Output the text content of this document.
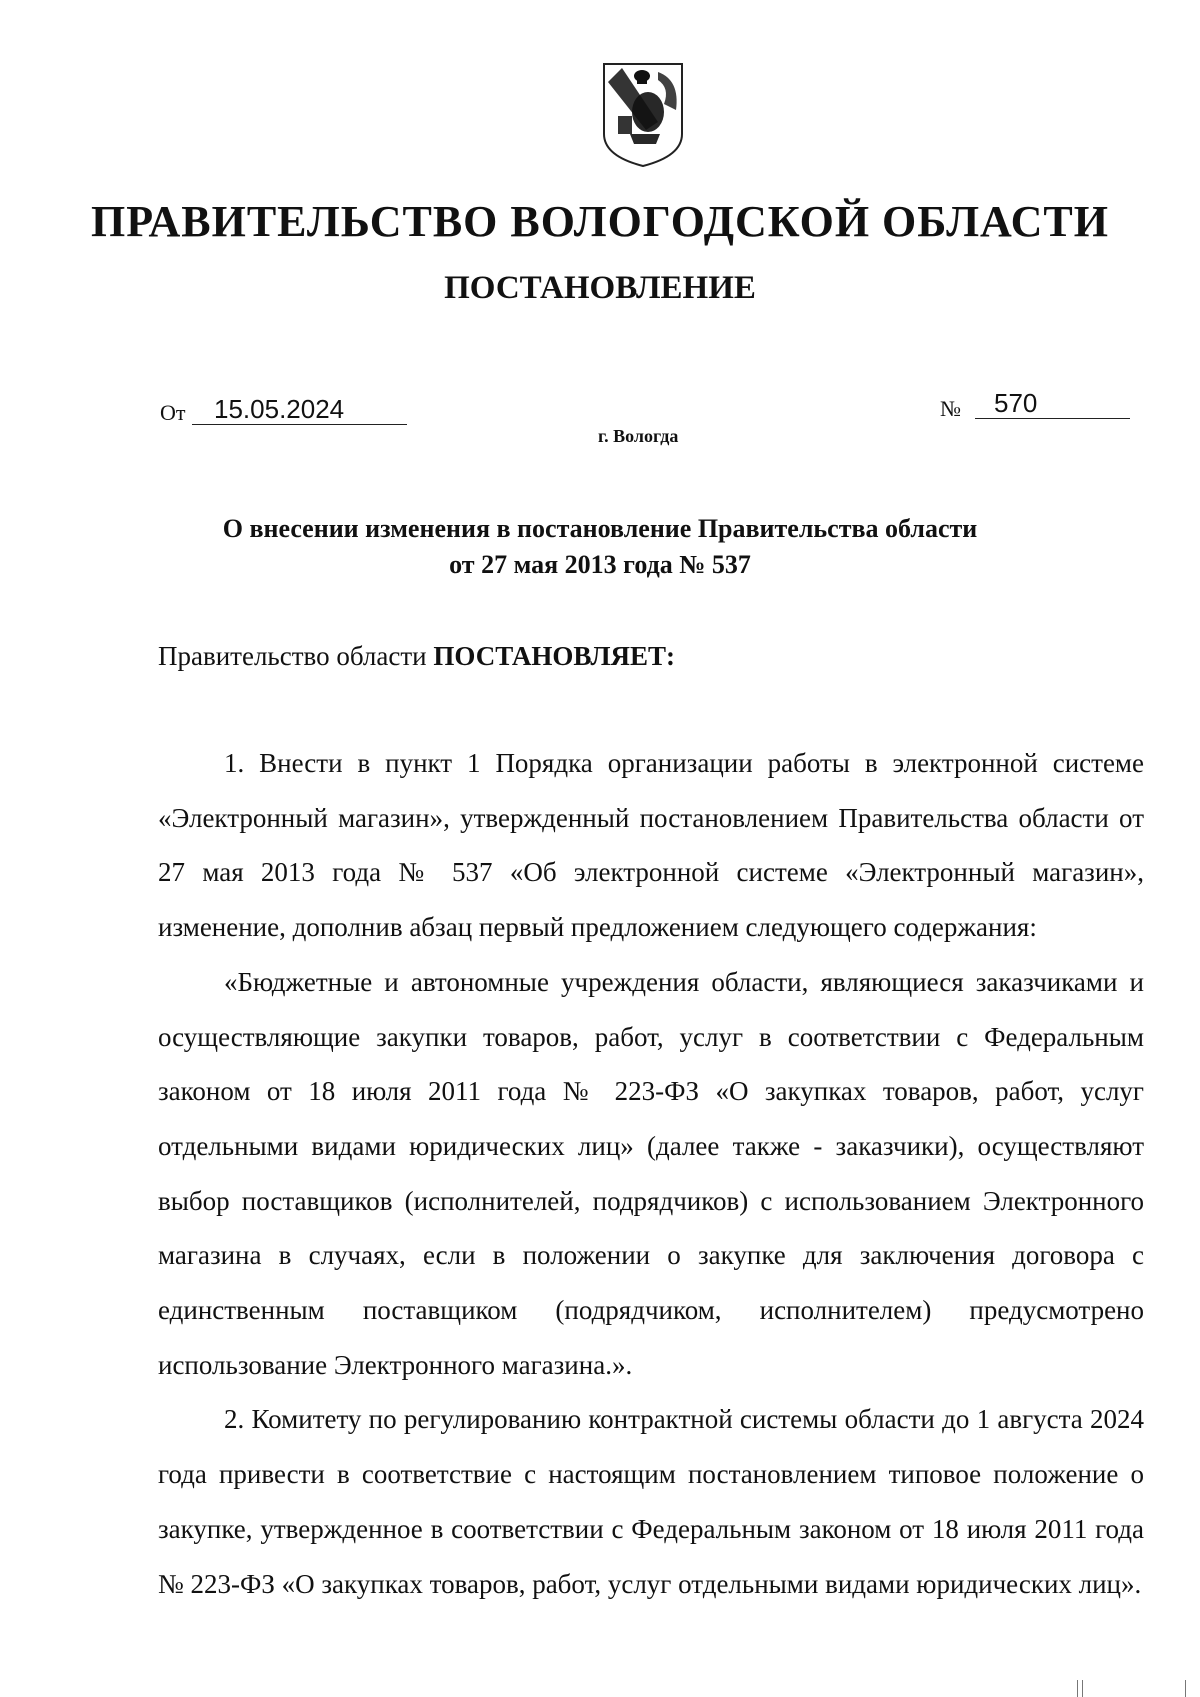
ПРАВИТЕЛЬСТВО ВОЛОГОДСКОЙ ОБЛАСТИ
ПОСТАНОВЛЕНИЕ
От 15.05.2024	№ 570
г. Вологда
О внесении изменения в постановление Правительства области
от 27 мая 2013 года № 537
Правительство области ПОСТАНОВЛЯЕТ:

1. Внести в пункт 1 Порядка организации работы в электронной системе «Электронный магазин», утвержденный постановлением Правительства области от 27 мая 2013 года № 537 «Об электронной системе «Электронный магазин», изменение, дополнив абзац первый предложением следующего содержания:

«Бюджетные и автономные учреждения области, являющиеся заказчиками и осуществляющие закупки товаров, работ, услуг в соответствии с Федеральным законом от 18 июля 2011 года № 223-ФЗ «О закупках товаров, работ, услуг отдельными видами юридических лиц» (далее также - заказчики), осуществляют выбор поставщиков (исполнителей, подрядчиков) с использованием Электронного магазина в случаях, если в положении о закупке для заключения договора с единственным поставщиком (подрядчиком, исполнителем) предусмотрено использование Электронного магазина.».

2. Комитету по регулированию контрактной системы области до 1 августа 2024 года привести в соответствие с настоящим постановлением типовое положение о закупке, утвержденное в соответствии с Федеральным законом от 18 июля 2011 года № 223-ФЗ «О закупках товаров, работ, услуг отдельными видами юридических лиц».
